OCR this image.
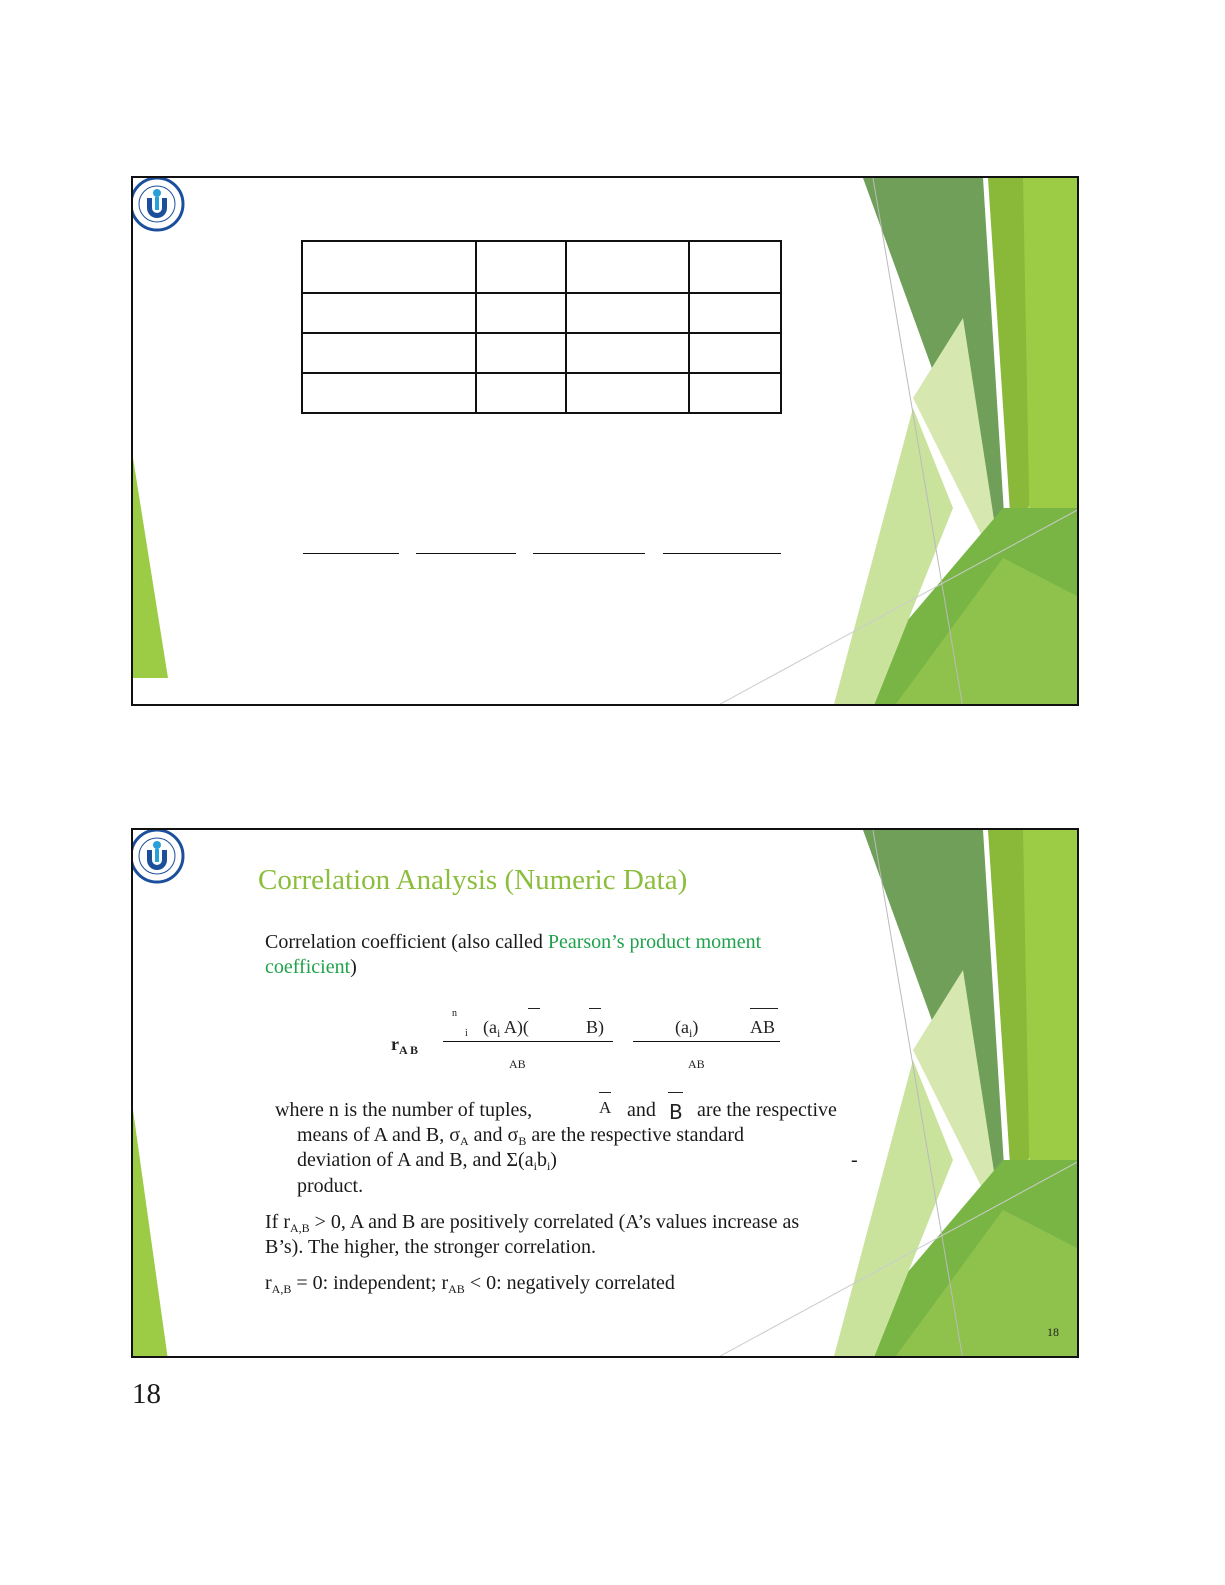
Correlation Analysis (Numeric Data)
Correlation coefficient (also called Pearson’s product moment
coefficient)
$r_{A B}$
n
i ($a_i$ A)(	B)
AB
$(a_i)$	AB
AB
where n is the number of tuples,	A and B are the respective
means of A and B, $\sigma_A$ and $\sigma_B$ are the respective standard
deviation of A and B, and $\Sigma(a_ib_i)$	-
product.
If $r_{A,B} > 0$, A and B are positively correlated (A’s values increase as
B’s). The higher, the stronger correlation.
$r_{A,B} = 0$: independent; $r_{AB} < 0$: negatively correlated
18
18
